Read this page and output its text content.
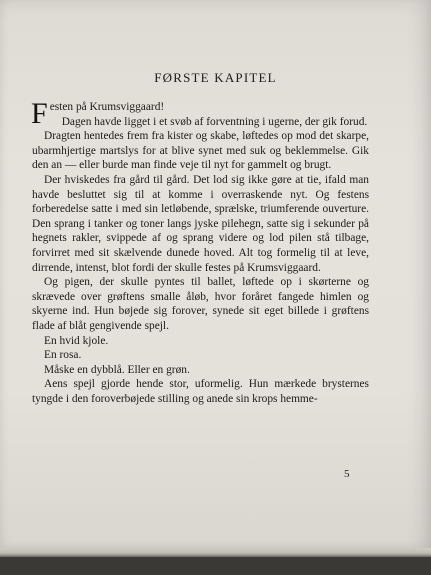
FØRSTE KAPITEL

Festen på Krumsviggaard!

Dagen havde ligget i et svøb af forventning i ugerne, der gik forud.

Dragten hentedes frem fra kister og skabe, løftedes op mod det skarpe, ubarmhjertige martslys for at blive synet med suk og beklemmelse. Gik den an — eller burde man finde veje til nyt for gammelt og brugt.

Der hviskedes fra gård til gård. Det lod sig ikke gøre at tie, ifald man havde besluttet sig til at komme i overraskende nyt. Og festens forberedelse satte i med sin letløbende, sprælske, triumferende ouverture. Den sprang i tanker og toner langs jyske pilehegn, satte sig i sekunder på hegnets rakler, svippede af og sprang videre og lod pilen stå tilbage, forvirret med sit skælvende dunede hoved. Alt tog formelig til at leve, dirrende, intenst, blot fordi der skulle festes på Krumsviggaard.

Og pigen, der skulle pyntes til ballet, løftede op i skørterne og skrævede over grøftens smalle åløb, hvor foråret fangede himlen og skyerne ind. Hun bøjede sig forover, synede sit eget billede i grøftens flade af blåt gengivende spejl.

En hvid kjole.

En rosa.

Måske en dybblå. Eller en grøn.

Aens spejl gjorde hende stor, uformelig. Hun mærkede brysternes tyngde i den foroverbøjede stilling og anede sin krops hemme-

5
